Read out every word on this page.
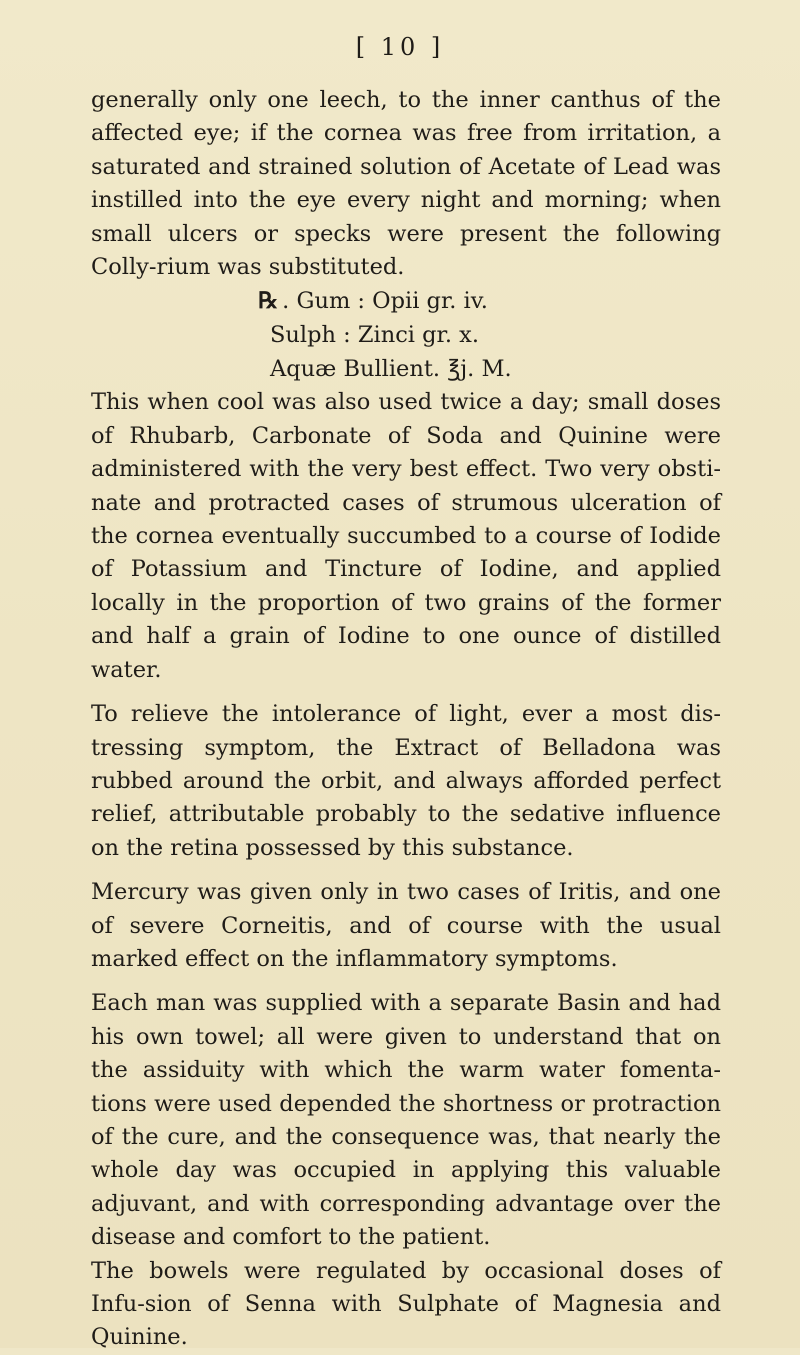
[ 10 ]

generally only one leech, to the inner canthus of the affected eye; if the cornea was free from irritation, a saturated and strained solution of Acetate of Lead was instilled into the eye every night and morning; when small ulcers or specks were present the following Colly-rium was substituted.

℞ . Gum : Opii gr. iv.
Sulph : Zinci gr. x.
Aquæ Bullient. ℥j. M.

This when cool was also used twice a day; small doses of Rhubarb, Carbonate of Soda and Quinine were administered with the very best effect. Two very obsti-nate and protracted cases of strumous ulceration of the cornea eventually succumbed to a course of Iodide of Potassium and Tincture of Iodine, and applied locally in the proportion of two grains of the former and half a grain of Iodine to one ounce of distilled water.

To relieve the intolerance of light, ever a most dis-tressing symptom, the Extract of Belladona was rubbed around the orbit, and always afforded perfect relief, attributable probably to the sedative influence on the retina possessed by this substance.

Mercury was given only in two cases of Iritis, and one of severe Corneitis, and of course with the usual marked effect on the inflammatory symptoms.

Each man was supplied with a separate Basin and had his own towel; all were given to understand that on the assiduity with which the warm water fomenta-tions were used depended the shortness or protraction of the cure, and the consequence was, that nearly the whole day was occupied in applying this valuable adjuvant, and with corresponding advantage over the disease and comfort to the patient.

The bowels were regulated by occasional doses of Infu-sion of Senna with Sulphate of Magnesia and Quinine.
